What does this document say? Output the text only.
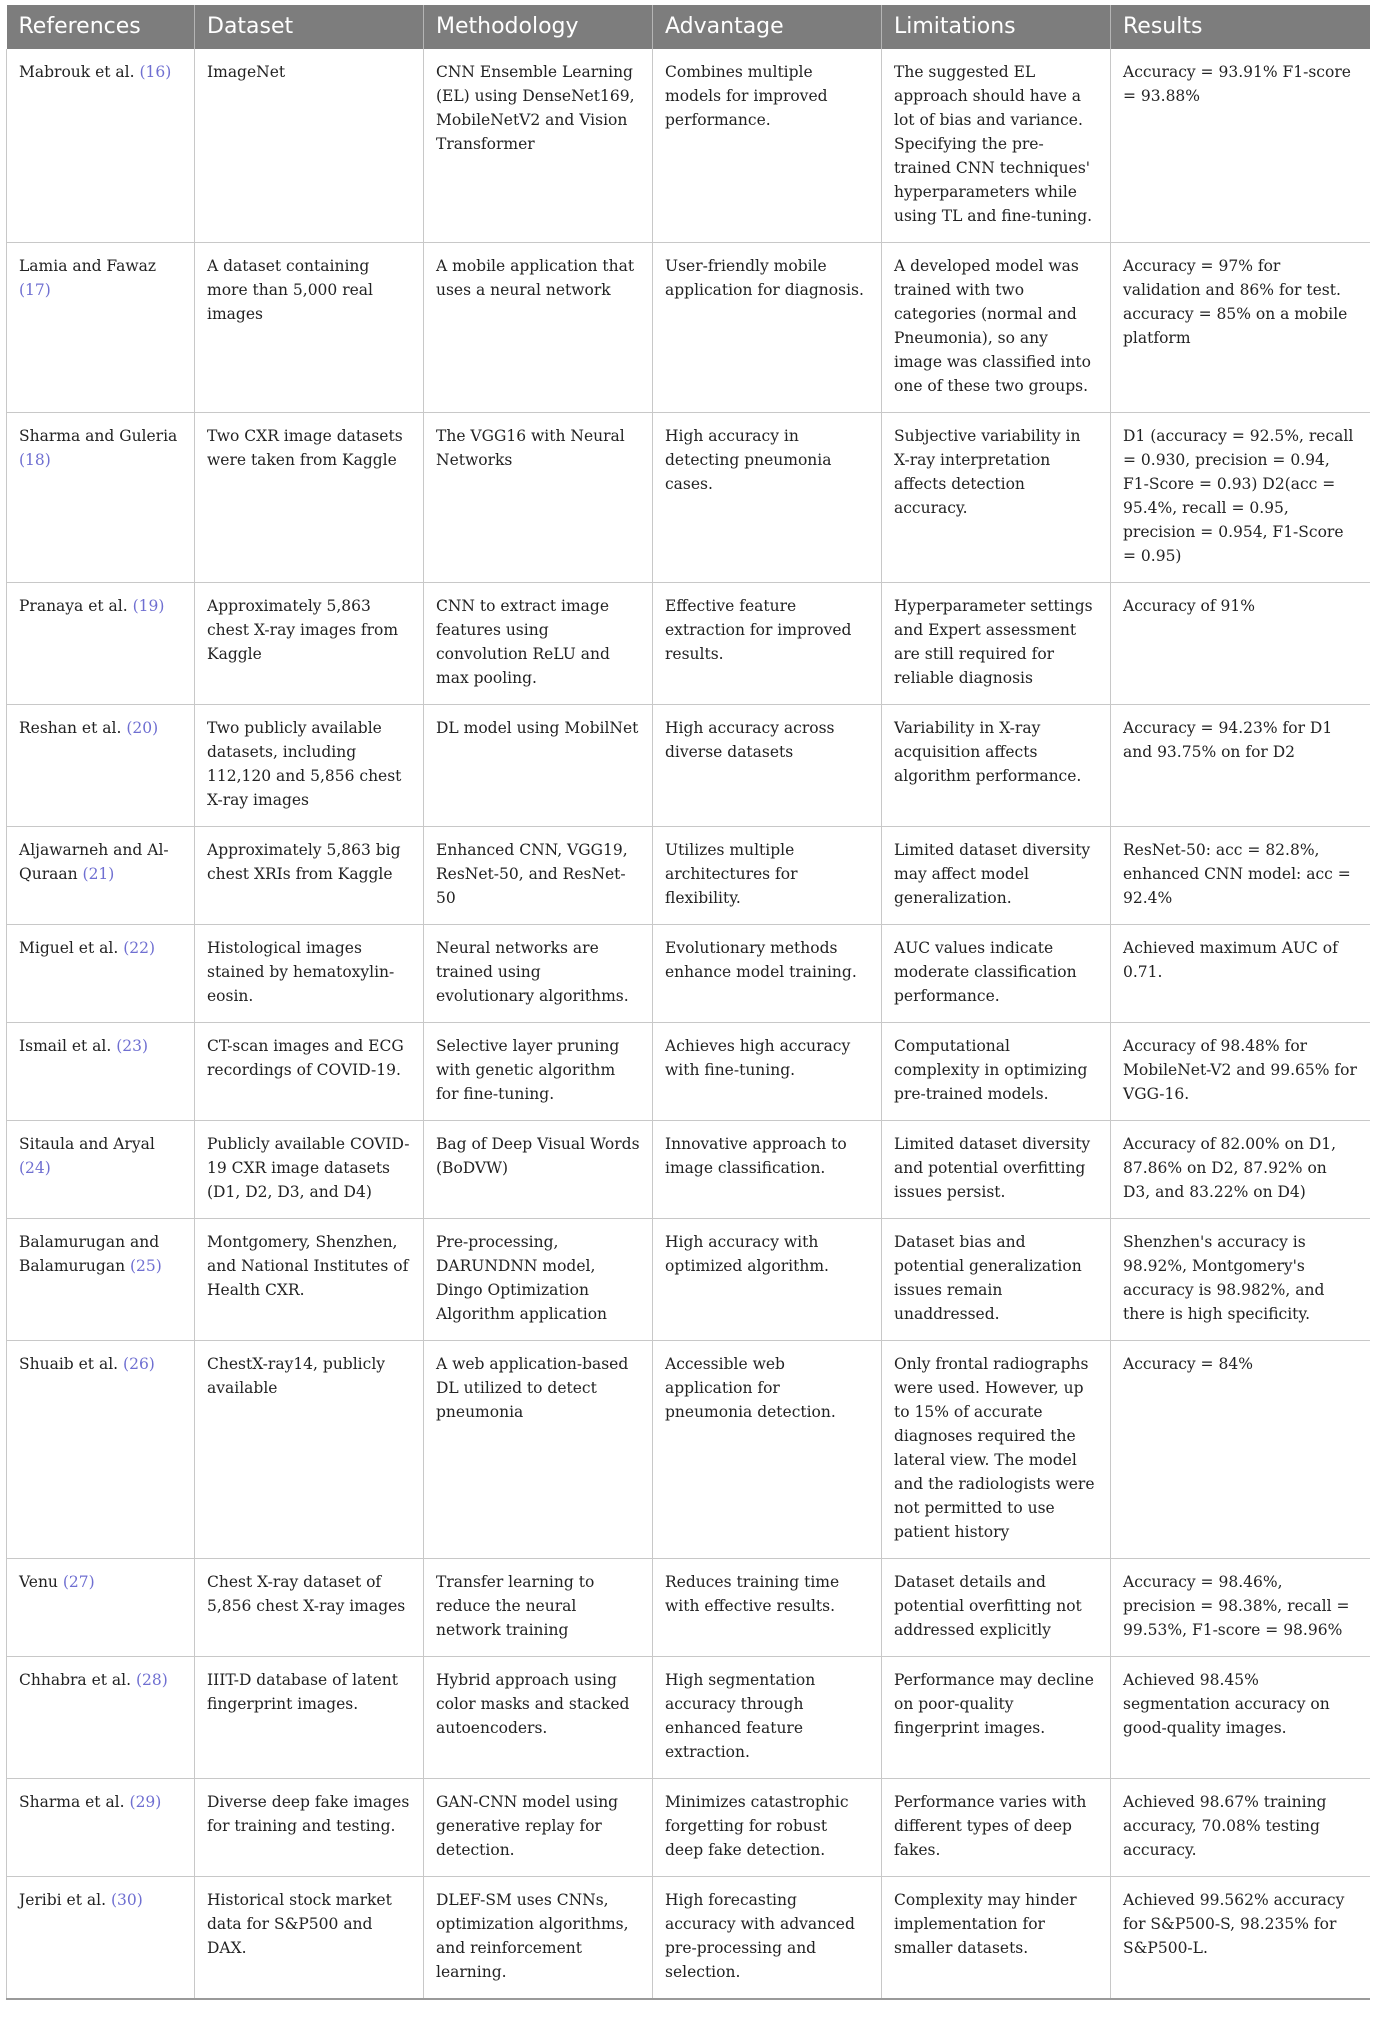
References	Dataset	Methodology	Advantage	Limitations	Results
Mabrouk et al. (16)	ImageNet	CNN Ensemble Learning (EL) using DenseNet169, MobileNetV2 and Vision Transformer	Combines multiple models for improved performance.	The suggested EL approach should have a lot of bias and variance. Specifying the pre-trained CNN techniques' hyperparameters while using TL and fine-tuning.	Accuracy = 93.91% F1-score = 93.88%
Lamia and Fawaz (17)	A dataset containing more than 5,000 real images	A mobile application that uses a neural network	User-friendly mobile application for diagnosis.	A developed model was trained with two categories (normal and Pneumonia), so any image was classified into one of these two groups.	Accuracy = 97% for validation and 86% for test. accuracy = 85% on a mobile platform
Sharma and Guleria (18)	Two CXR image datasets were taken from Kaggle	The VGG16 with Neural Networks	High accuracy in detecting pneumonia cases.	Subjective variability in X-ray interpretation affects detection accuracy.	D1 (accuracy = 92.5%, recall = 0.930, precision = 0.94, F1-Score = 0.93) D2(acc = 95.4%, recall = 0.95, precision = 0.954, F1-Score = 0.95)
Pranaya et al. (19)	Approximately 5,863 chest X-ray images from Kaggle	CNN to extract image features using convolution ReLU and max pooling.	Effective feature extraction for improved results.	Hyperparameter settings and Expert assessment are still required for reliable diagnosis	Accuracy of 91%
Reshan et al. (20)	Two publicly available datasets, including 112,120 and 5,856 chest X-ray images	DL model using MobilNet	High accuracy across diverse datasets	Variability in X-ray acquisition affects algorithm performance.	Accuracy = 94.23% for D1 and 93.75% on for D2
Aljawarneh and Al-Quraan (21)	Approximately 5,863 big chest XRIs from Kaggle	Enhanced CNN, VGG19, ResNet-50, and ResNet-50	Utilizes multiple architectures for flexibility.	Limited dataset diversity may affect model generalization.	ResNet-50: acc = 82.8%, enhanced CNN model: acc = 92.4%
Miguel et al. (22)	Histological images stained by hematoxylin-eosin.	Neural networks are trained using evolutionary algorithms.	Evolutionary methods enhance model training.	AUC values indicate moderate classification performance.	Achieved maximum AUC of 0.71.
Ismail et al. (23)	CT-scan images and ECG recordings of COVID-19.	Selective layer pruning with genetic algorithm for fine-tuning.	Achieves high accuracy with fine-tuning.	Computational complexity in optimizing pre-trained models.	Accuracy of 98.48% for MobileNet-V2 and 99.65% for VGG-16.
Sitaula and Aryal (24)	Publicly available COVID-19 CXR image datasets (D1, D2, D3, and D4)	Bag of Deep Visual Words (BoDVW)	Innovative approach to image classification.	Limited dataset diversity and potential overfitting issues persist.	Accuracy of 82.00% on D1, 87.86% on D2, 87.92% on D3, and 83.22% on D4)
Balamurugan and Balamurugan (25)	Montgomery, Shenzhen, and National Institutes of Health CXR.	Pre-processing, DARUNDNN model, Dingo Optimization Algorithm application	High accuracy with optimized algorithm.	Dataset bias and potential generalization issues remain unaddressed.	Shenzhen's accuracy is 98.92%, Montgomery's accuracy is 98.982%, and there is high specificity.
Shuaib et al. (26)	ChestX-ray14, publicly available	A web application-based DL utilized to detect pneumonia	Accessible web application for pneumonia detection.	Only frontal radiographs were used. However, up to 15% of accurate diagnoses required the lateral view. The model and the radiologists were not permitted to use patient history	Accuracy = 84%
Venu (27)	Chest X-ray dataset of 5,856 chest X-ray images	Transfer learning to reduce the neural network training	Reduces training time with effective results.	Dataset details and potential overfitting not addressed explicitly	Accuracy = 98.46%, precision = 98.38%, recall = 99.53%, F1-score = 98.96%
Chhabra et al. (28)	IIIT-D database of latent fingerprint images.	Hybrid approach using color masks and stacked autoencoders.	High segmentation accuracy through enhanced feature extraction.	Performance may decline on poor-quality fingerprint images.	Achieved 98.45% segmentation accuracy on good-quality images.
Sharma et al. (29)	Diverse deep fake images for training and testing.	GAN-CNN model using generative replay for detection.	Minimizes catastrophic forgetting for robust deep fake detection.	Performance varies with different types of deep fakes.	Achieved 98.67% training accuracy, 70.08% testing accuracy.
Jeribi et al. (30)	Historical stock market data for S&P500 and DAX.	DLEF-SM uses CNNs, optimization algorithms, and reinforcement learning.	High forecasting accuracy with advanced pre-processing and selection.	Complexity may hinder implementation for smaller datasets.	Achieved 99.562% accuracy for S&P500-S, 98.235% for S&P500-L.
